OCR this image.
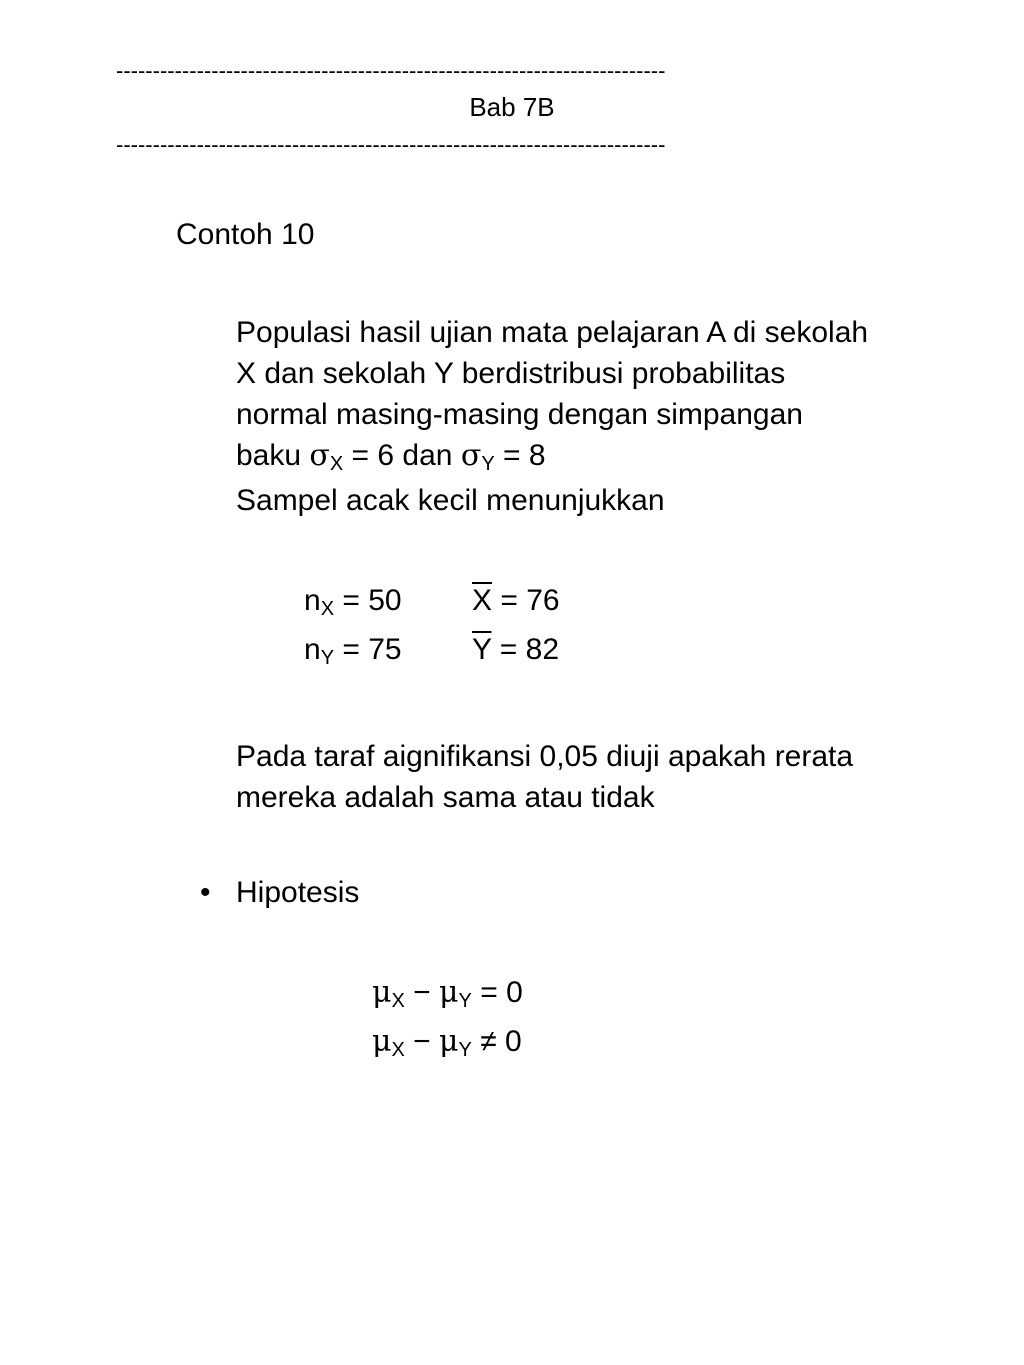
---------------------------------------------------------------------------
Bab 7B
---------------------------------------------------------------------------
Contoh 10
Populasi hasil ujian mata pelajaran A di sekolah
X dan sekolah Y berdistribusi probabilitas
normal masing-masing dengan simpangan
baku $\sigma_X = 6$ dan $\sigma_Y = 8$
Sampel acak kecil menunjukkan
$n_X = 50$ $\overline{X} = 76$
$n_Y = 75$ $\overline{Y} = 82$
Pada taraf aignifikansi 0,05 diuji apakah rerata
mereka adalah sama atau tidak
• Hipotesis
$\mu_X - \mu_Y = 0$
$\mu_X - \mu_Y \ne 0$
